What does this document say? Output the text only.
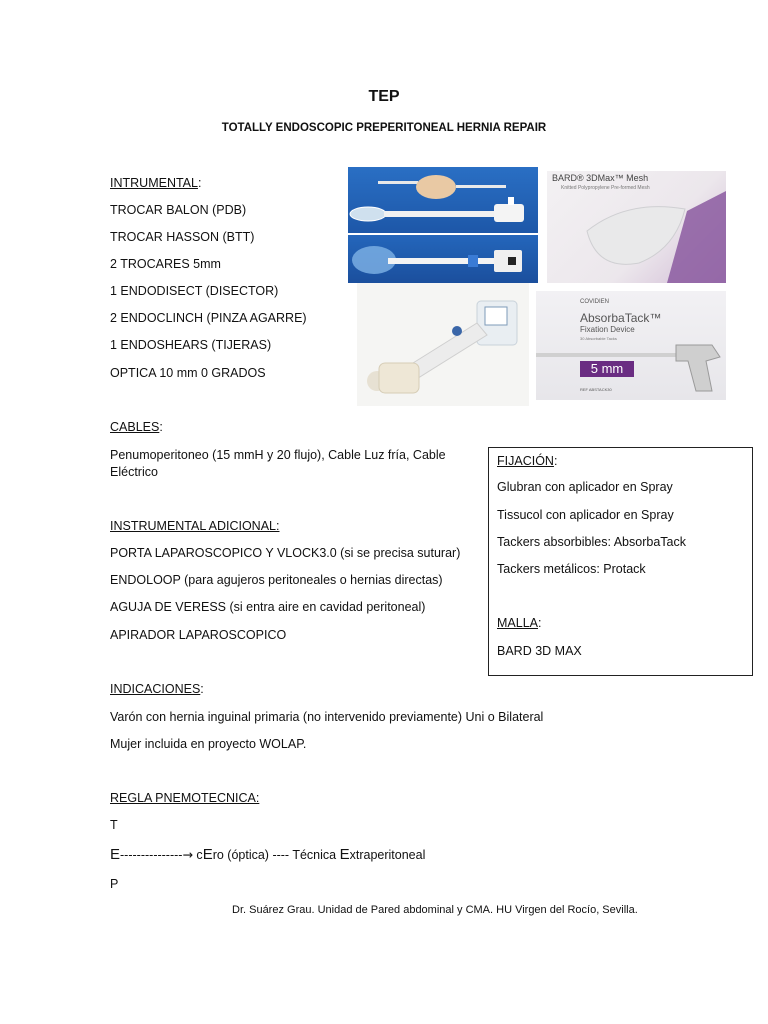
TEP
TOTALLY ENDOSCOPIC PREPERITONEAL HERNIA REPAIR
INTRUMENTAL:
TROCAR BALON (PDB)
TROCAR HASSON (BTT)
2 TROCARES 5mm
1 ENDODISECT (DISECTOR)
2 ENDOCLINCH (PINZA AGARRE)
1 ENDOSHEARS (TIJERAS)
OPTICA 10 mm 0 GRADOS
CABLES:
Penumoperitoneo (15 mmH y 20 flujo), Cable Luz fría, Cable
Eléctrico
INSTRUMENTAL ADICIONAL:
PORTA LAPAROSCOPICO Y VLOCK3.0 (si se precisa suturar)
ENDOLOOP (para agujeros peritoneales o hernias directas)
AGUJA DE VERESS (si entra aire en cavidad peritoneal)
APIRADOR LAPAROSCOPICO
INDICACIONES:
Varón con hernia inguinal primaria (no intervenido previamente) Uni o Bilateral
Mujer incluida en proyecto WOLAP.
REGLA PNEMOTECNICA:
T
E---------------→ cEro (óptica) ---- Técnica Extraperitoneal
P
FIJACIÓN:
Glubran con aplicador en Spray
Tissucol con aplicador en Spray
Tackers absorbibles: AbsorbaTack
Tackers metálicos: Protack
MALLA:
BARD 3D MAX
BARD® 3DMax™ Mesh
Knitted Polypropylene Pre-formed Mesh
COVIDIEN
AbsorbaTack™
Fixation Device
30 Absorbable Tacks
5 mm
REF ABSTACK30
Dr. Suárez Grau. Unidad de Pared abdominal y CMA. HU Virgen del Rocío, Sevilla.
